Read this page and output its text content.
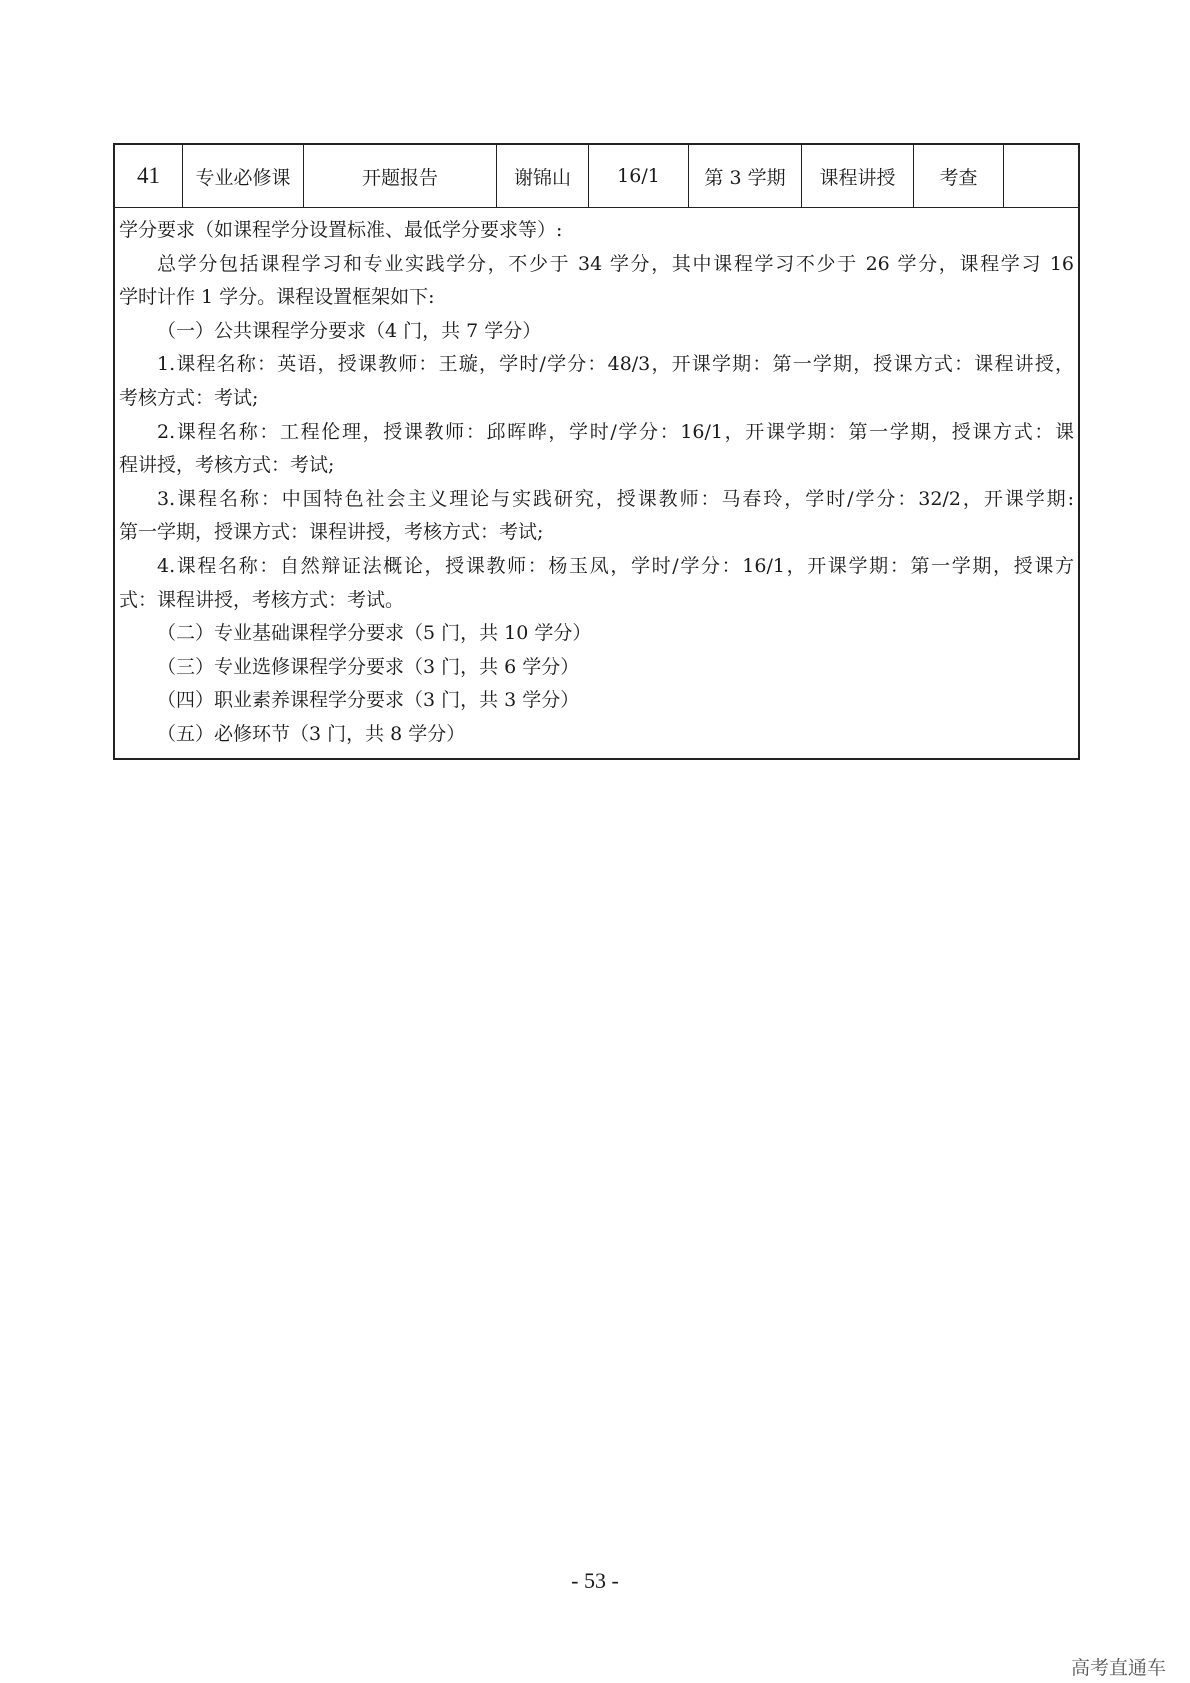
41	专业必修课	开题报告	谢锦山	16/1	第 3 学期	课程讲授	考查

学分要求（如课程学分设置标准、最低学分要求等）:

总学分包括课程学习和专业实践学分，不少于 34 学分，其中课程学习不少于 26 学分，课程学习 16

学时计作 1 学分。课程设置框架如下:

（一）公共课程学分要求（4 门，共 7 学分）

1.课程名称：英语，授课教师：王璇，学时/学分：48/3，开课学期：第一学期，授课方式：课程讲授，

考核方式：考试;

2.课程名称：工程伦理，授课教师：邱晖晔，学时/学分：16/1，开课学期：第一学期，授课方式：课

程讲授，考核方式：考试;

3.课程名称：中国特色社会主义理论与实践研究，授课教师：马春玲，学时/学分：32/2，开课学期:

第一学期，授课方式：课程讲授，考核方式：考试;

4.课程名称：自然辩证法概论，授课教师：杨玉凤，学时/学分：16/1，开课学期：第一学期，授课方

式：课程讲授，考核方式：考试。

（二）专业基础课程学分要求（5 门，共 10 学分）

（三）专业选修课程学分要求（3 门，共 6 学分）

（四）职业素养课程学分要求（3 门，共 3 学分）

（五）必修环节（3 门，共 8 学分）

- 53 -
高考直通车
